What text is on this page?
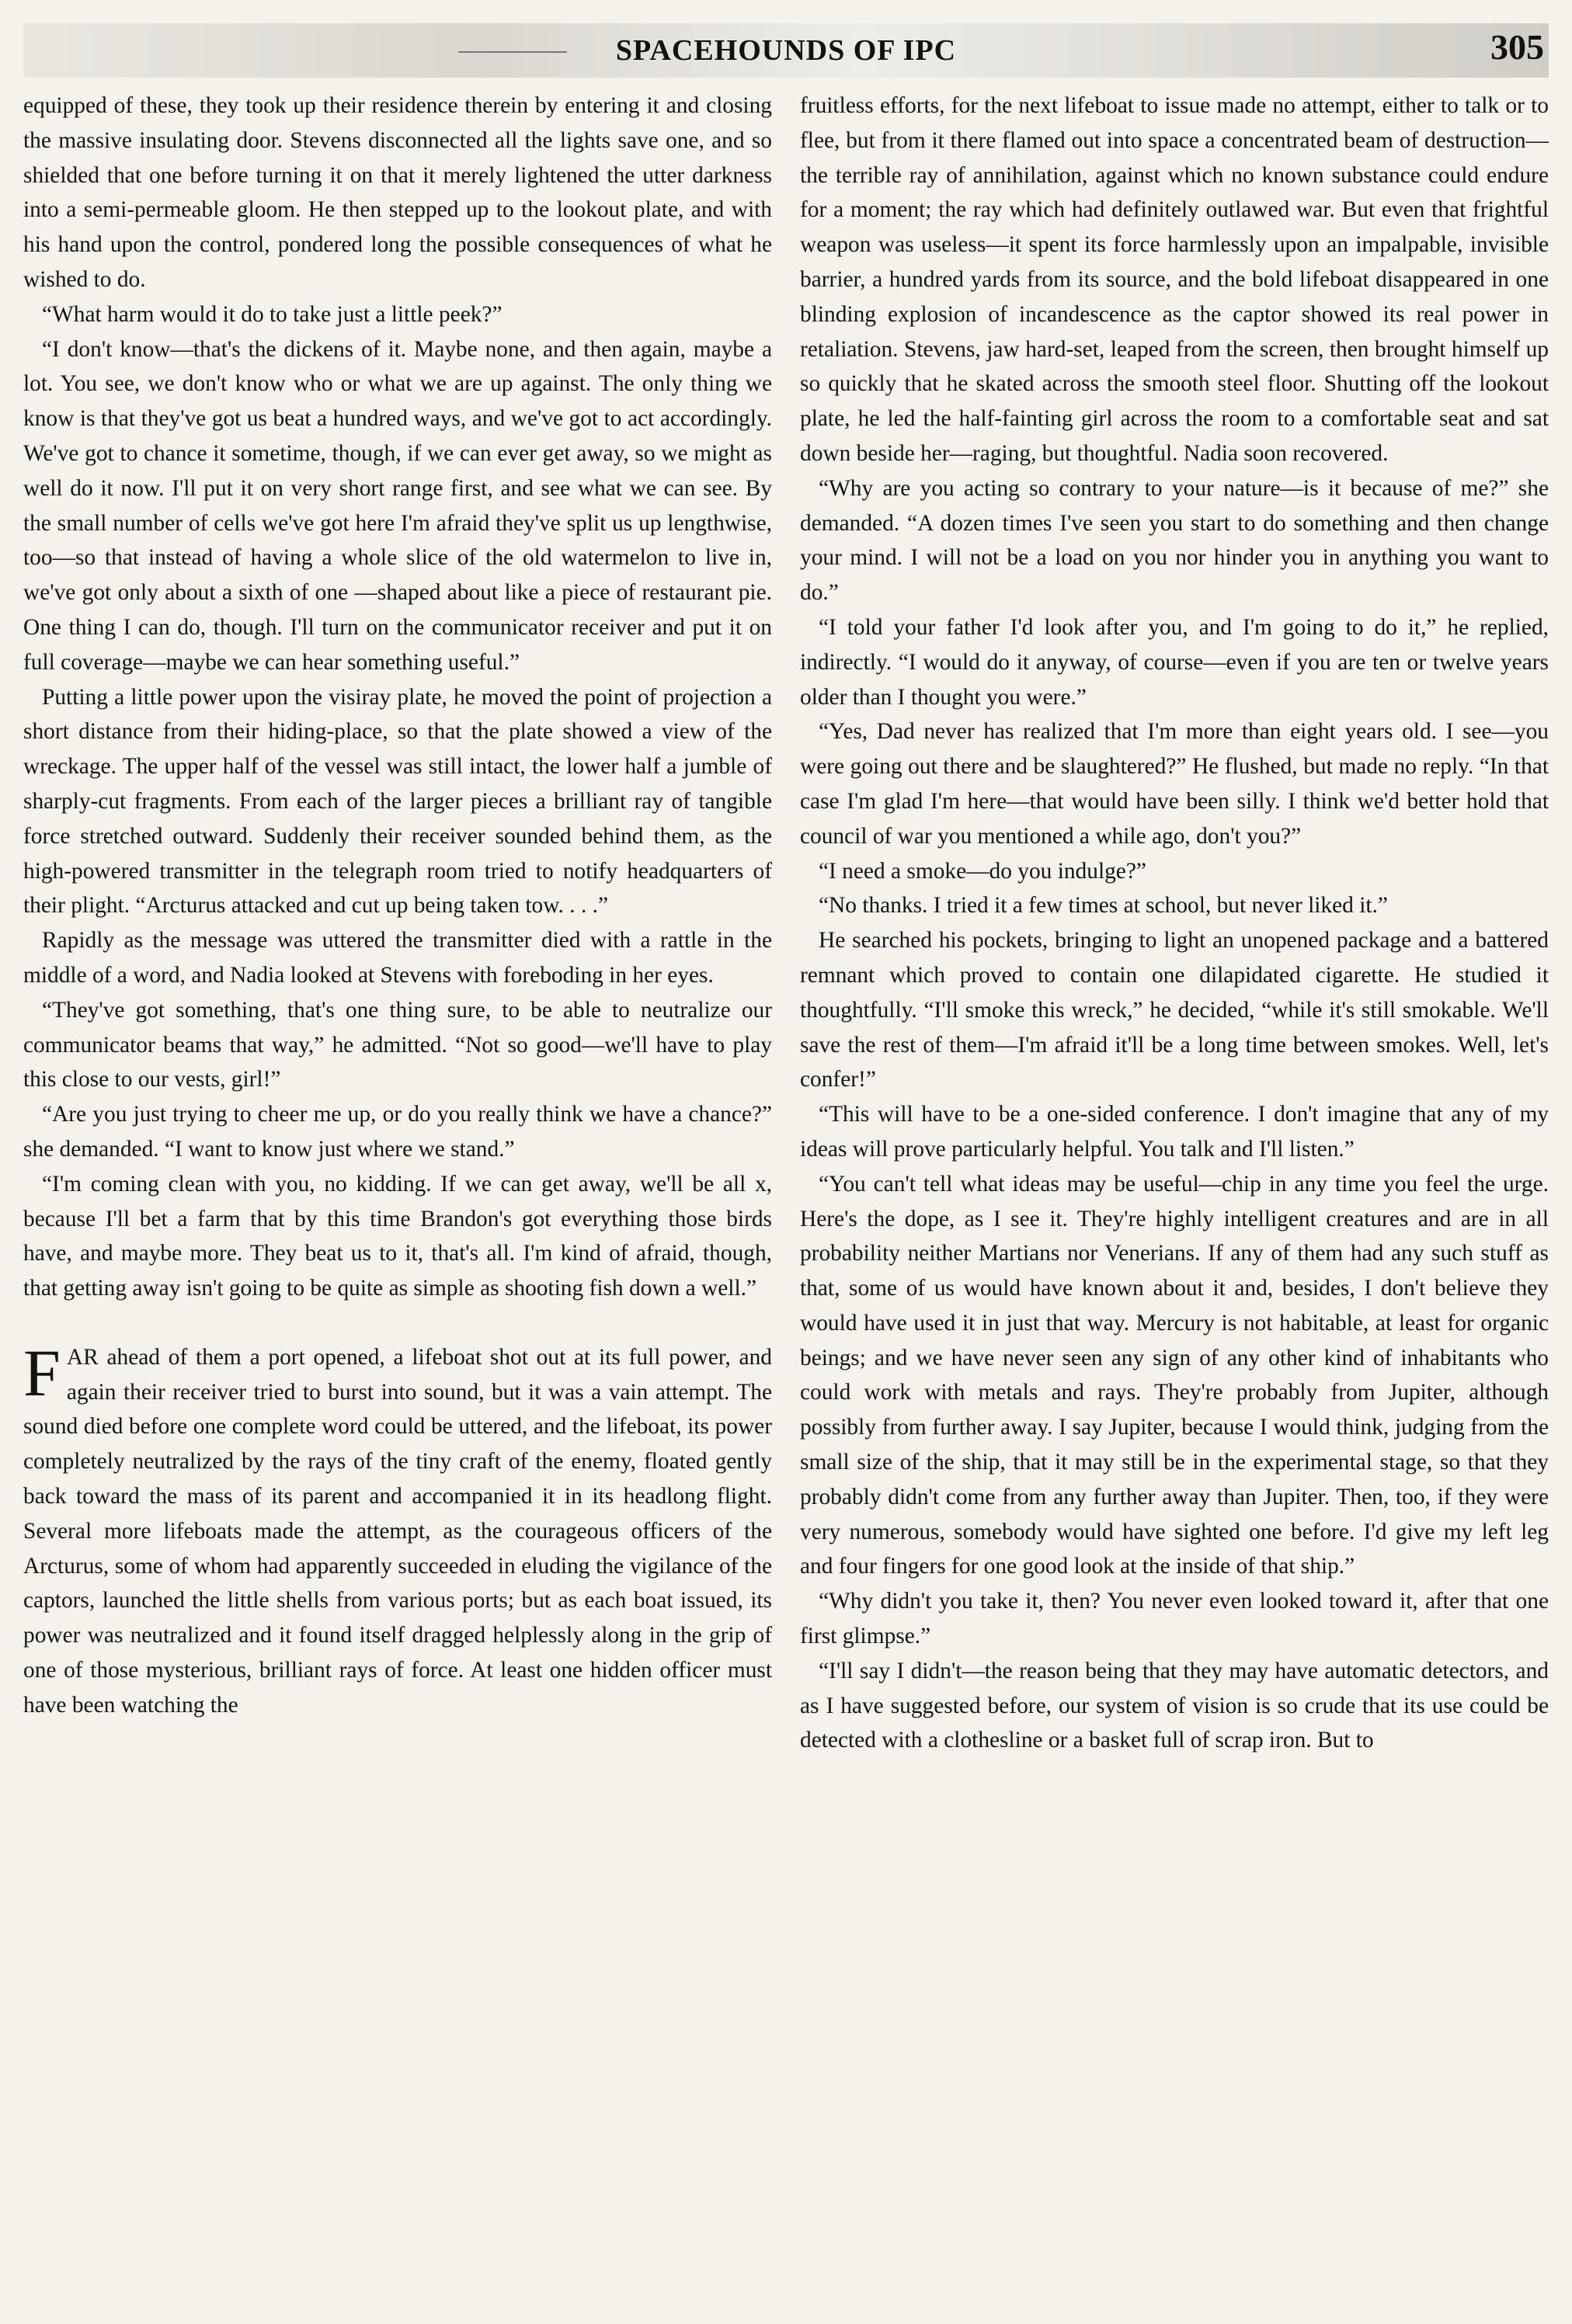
SPACEHOUNDS OF IPC	305

equipped of these, they took up their residence therein by entering it and closing the massive insulating door. Stevens disconnected all the lights save one, and so shielded that one before turning it on that it merely lightened the utter darkness into a semi-permeable gloom. He then stepped up to the lookout plate, and with his hand upon the control, pondered long the possible consequences of what he wished to do.

“What harm would it do to take just a little peek?”

“I don't know—that's the dickens of it. Maybe none, and then again, maybe a lot. You see, we don't know who or what we are up against. The only thing we know is that they've got us beat a hundred ways, and we've got to act accordingly. We've got to chance it sometime, though, if we can ever get away, so we might as well do it now. I'll put it on very short range first, and see what we can see. By the small number of cells we've got here I'm afraid they've split us up lengthwise, too—so that instead of having a whole slice of the old watermelon to live in, we've got only about a sixth of one —shaped about like a piece of restaurant pie. One thing I can do, though. I'll turn on the communicator receiver and put it on full coverage—maybe we can hear something useful.”

Putting a little power upon the visiray plate, he moved the point of projection a short distance from their hiding-place, so that the plate showed a view of the wreckage. The upper half of the vessel was still intact, the lower half a jumble of sharply-cut fragments. From each of the larger pieces a brilliant ray of tangible force stretched outward. Suddenly their receiver sounded behind them, as the high-powered transmitter in the telegraph room tried to notify headquarters of their plight. “Arcturus attacked and cut up being taken tow. . . .”

Rapidly as the message was uttered the transmitter died with a rattle in the middle of a word, and Nadia looked at Stevens with foreboding in her eyes.

“They've got something, that's one thing sure, to be able to neutralize our communicator beams that way,” he admitted. “Not so good—we'll have to play this close to our vests, girl!”

“Are you just trying to cheer me up, or do you really think we have a chance?” she demanded. “I want to know just where we stand.”

“I'm coming clean with you, no kidding. If we can get away, we'll be all x, because I'll bet a farm that by this time Brandon's got everything those birds have, and maybe more. They beat us to it, that's all. I'm kind of afraid, though, that getting away isn't going to be quite as simple as shooting fish down a well.”

FAR ahead of them a port opened, a lifeboat shot out at its full power, and again their receiver tried to burst into sound, but it was a vain attempt. The sound died before one complete word could be uttered, and the lifeboat, its power completely neutralized by the rays of the tiny craft of the enemy, floated gently back toward the mass of its parent and accompanied it in its headlong flight. Several more lifeboats made the attempt, as the courageous officers of the Arcturus, some of whom had apparently succeeded in eluding the vigilance of the captors, launched the little shells from various ports; but as each boat issued, its power was neutralized and it found itself dragged helplessly along in the grip of one of those mysterious, brilliant rays of force. At least one hidden officer must have been watching the

fruitless efforts, for the next lifeboat to issue made no attempt, either to talk or to flee, but from it there flamed out into space a concentrated beam of destruction—the terrible ray of annihilation, against which no known substance could endure for a moment; the ray which had definitely outlawed war. But even that frightful weapon was useless—it spent its force harmlessly upon an impalpable, invisible barrier, a hundred yards from its source, and the bold lifeboat disappeared in one blinding explosion of incandescence as the captor showed its real power in retaliation. Stevens, jaw hard-set, leaped from the screen, then brought himself up so quickly that he skated across the smooth steel floor. Shutting off the lookout plate, he led the half-fainting girl across the room to a comfortable seat and sat down beside her—raging, but thoughtful. Nadia soon recovered.

“Why are you acting so contrary to your nature—is it because of me?” she demanded. “A dozen times I've seen you start to do something and then change your mind. I will not be a load on you nor hinder you in anything you want to do.”

“I told your father I'd look after you, and I'm going to do it,” he replied, indirectly. “I would do it anyway, of course—even if you are ten or twelve years older than I thought you were.”

“Yes, Dad never has realized that I'm more than eight years old. I see—you were going out there and be slaughtered?” He flushed, but made no reply. “In that case I'm glad I'm here—that would have been silly. I think we'd better hold that council of war you mentioned a while ago, don't you?”

“I need a smoke—do you indulge?”

“No thanks. I tried it a few times at school, but never liked it.”

He searched his pockets, bringing to light an unopened package and a battered remnant which proved to contain one dilapidated cigarette. He studied it thoughtfully. “I'll smoke this wreck,” he decided, “while it's still smokable. We'll save the rest of them—I'm afraid it'll be a long time between smokes. Well, let's confer!”

“This will have to be a one-sided conference. I don't imagine that any of my ideas will prove particularly helpful. You talk and I'll listen.”

“You can't tell what ideas may be useful—chip in any time you feel the urge. Here's the dope, as I see it. They're highly intelligent creatures and are in all probability neither Martians nor Venerians. If any of them had any such stuff as that, some of us would have known about it and, besides, I don't believe they would have used it in just that way. Mercury is not habitable, at least for organic beings; and we have never seen any sign of any other kind of inhabitants who could work with metals and rays. They're probably from Jupiter, although possibly from further away. I say Jupiter, because I would think, judging from the small size of the ship, that it may still be in the experimental stage, so that they probably didn't come from any further away than Jupiter. Then, too, if they were very numerous, somebody would have sighted one before. I'd give my left leg and four fingers for one good look at the inside of that ship.”

“Why didn't you take it, then? You never even looked toward it, after that one first glimpse.”

“I'll say I didn't—the reason being that they may have automatic detectors, and as I have suggested before, our system of vision is so crude that its use could be detected with a clothesline or a basket full of scrap iron. But to
